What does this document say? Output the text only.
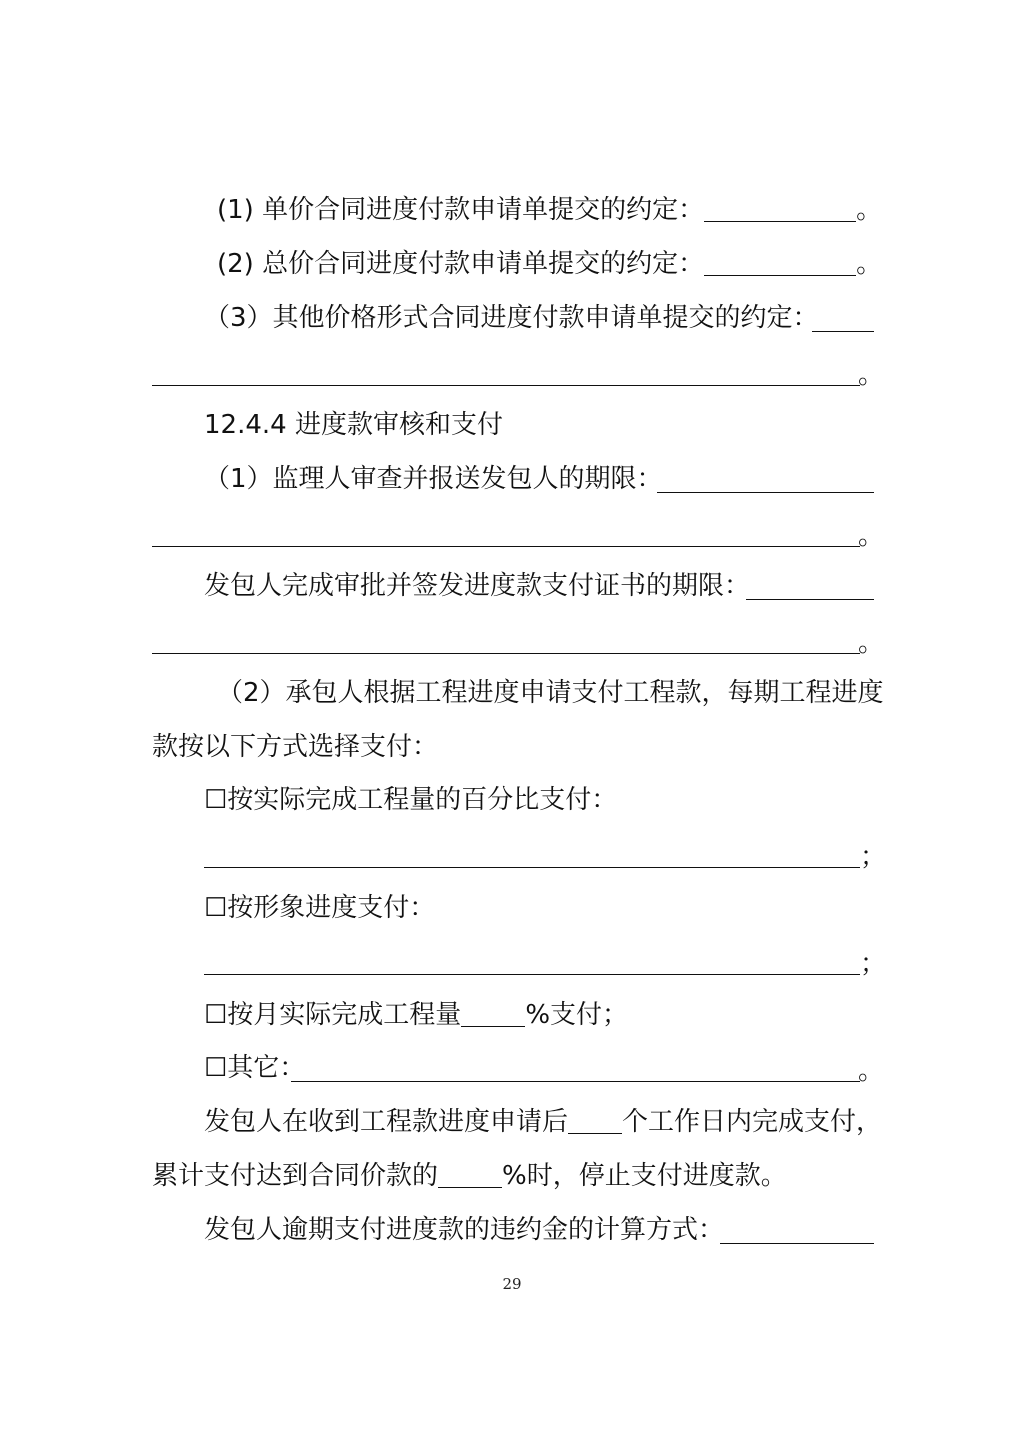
(1) 单价合同进度付款申请单提交的约定：	。
(2) 总价合同进度付款申请单提交的约定：	。
（3）其他价格形式合同进度付款申请单提交的约定：
。
12.4.4 进度款审核和支付
（1）监理人审查并报送发包人的期限：
。
发包人完成审批并签发进度款支付证书的期限：
。
（2）承包人根据工程进度申请支付工程款，每期工程进度
款按以下方式选择支付：
☐按实际完成工程量的百分比支付：
；
☐按形象进度支付：
；
☐按月实际完成工程量 %支付；
☐其它：	。
发包人在收到工程款进度申请后 个工作日内完成支付，
累计支付达到合同价款的 %时，停止支付进度款。
发包人逾期支付进度款的违约金的计算方式：
29
